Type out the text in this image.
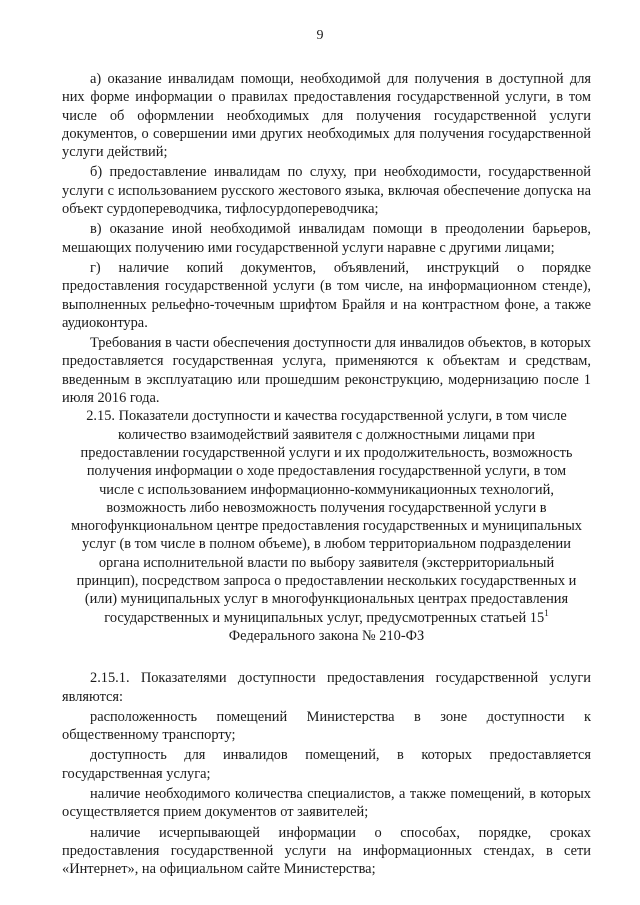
9

а) оказание инвалидам помощи, необходимой для получения в доступной для них форме информации о правилах предоставления государственной услуги, в том числе об оформлении необходимых для получения государственной услуги документов, о совершении ими других необходимых для получения государственной услуги действий;

б) предоставление инвалидам по слуху, при необходимости, государственной услуги с использованием русского жестового языка, включая обеспечение допуска на объект сурдопереводчика, тифлосурдопереводчика;

в) оказание иной необходимой инвалидам помощи в преодолении барьеров, мешающих получению ими государственной услуги наравне с другими лицами;

г) наличие копий документов, объявлений, инструкций о порядке предоставления государственной услуги (в том числе, на информационном стенде), выполненных рельефно-точечным шрифтом Брайля и на контрастном фоне, а также аудиоконтура.

Требования в части обеспечения доступности для инвалидов объектов, в которых предоставляется государственная услуга, применяются к объектам и средствам, введенным в эксплуатацию или прошедшим реконструкцию, модернизацию после 1 июля 2016 года.

2.15. Показатели доступности и качества государственной услуги, в том числе количество взаимодействий заявителя с должностными лицами при предоставлении государственной услуги и их продолжительность, возможность получения информации о ходе предоставления государственной услуги, в том числе с использованием информационно-коммуникационных технологий, возможность либо невозможность получения государственной услуги в многофункциональном центре предоставления государственных и муниципальных услуг (в том числе в полном объеме), в любом территориальном подразделении органа исполнительной власти по выбору заявителя (экстерриториальный принцип), посредством запроса о предоставлении нескольких государственных и (или) муниципальных услуг в многофункциональных центрах предоставления государственных и муниципальных услуг, предусмотренных статьей $15^1$
Федерального закона № 210-ФЗ

2.15.1. Показателями доступности предоставления государственной услуги являются:

расположенность помещений Министерства в зоне доступности к общественному транспорту;

доступность для инвалидов помещений, в которых предоставляется государственная услуга;

наличие необходимого количества специалистов, а также помещений, в которых осуществляется прием документов от заявителей;

наличие исчерпывающей информации о способах, порядке, сроках предоставления государственной услуги на информационных стендах, в сети «Интернет», на официальном сайте Министерства;
